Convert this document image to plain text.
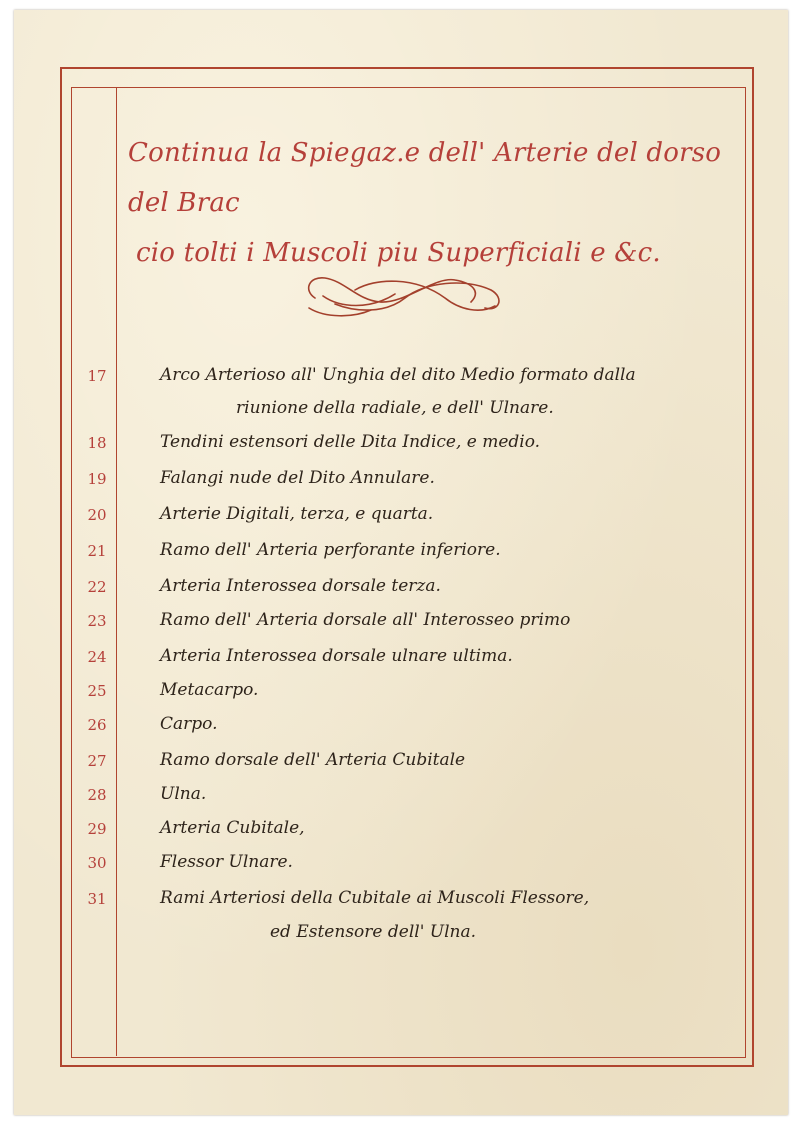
Continua la Spiegaz.e dell' Arterie del dorso del Brac
cio tolti i Muscoli piu Superficiali e &c.
17	Arco Arterioso all' Unghia del dito Medio formato dalla
riunione della radiale, e dell' Ulnare.
18	Tendini estensori delle Dita Indice, e medio.
19	Falangi nude del Dito Annulare.
20	Arterie Digitali, terza, e quarta.
21	Ramo dell' Arteria perforante inferiore.
22	Arteria Interossea dorsale terza.
23	Ramo dell' Arteria dorsale all' Interosseo primo
24	Arteria Interossea dorsale ulnare ultima.
25	Metacarpo.
26	Carpo.
27	Ramo dorsale dell' Arteria Cubitale
28	Ulna.
29	Arteria Cubitale,
30	Flessor Ulnare.
31	Rami Arteriosi della Cubitale ai Muscoli Flessore,
ed Estensore dell' Ulna.
